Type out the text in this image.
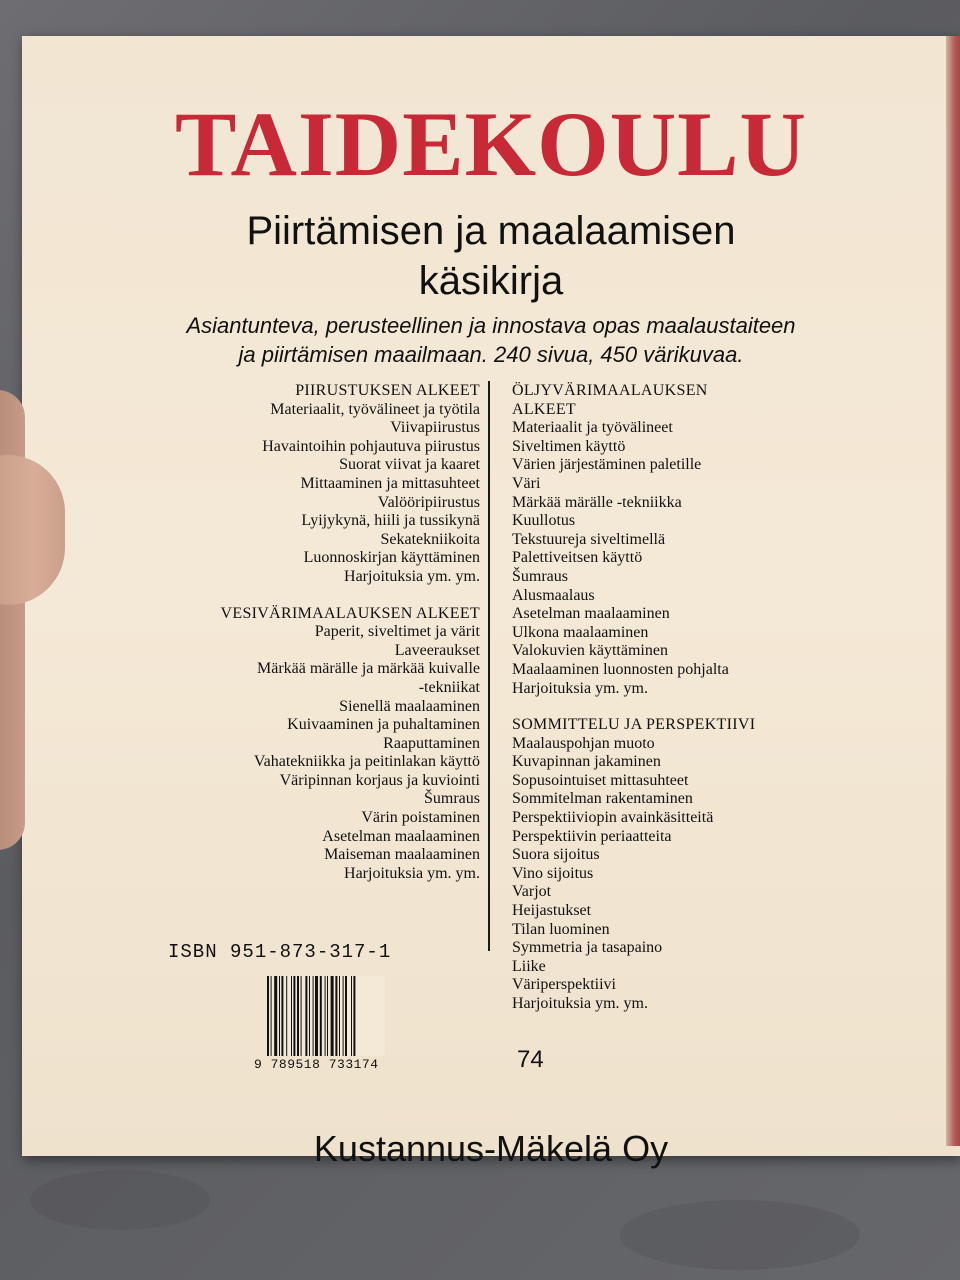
TAIDEKOULU
Piirtämisen ja maalaamisen
käsikirja
Asiantunteva, perusteellinen ja innostava opas maalaustaiteen
ja piirtämisen maailmaan. 240 sivua, 450 värikuvaa.
PIIRUSTUKSEN ALKEET
Materiaalit, työvälineet ja työtila
Viivapiirustus
Havaintoihin pohjautuva piirustus
Suorat viivat ja kaaret
Mittaaminen ja mittasuhteet
Valööripiirustus
Lyijykynä, hiili ja tussikynä
Sekatekniikoita
Luonnoskirjan käyttäminen
Harjoituksia ym. ym.
VESIVÄRIMAALAUKSEN ALKEET
Paperit, siveltimet ja värit
Laveeraukset
Märkää märälle ja märkää kuivalle
-tekniikat
Sienellä maalaaminen
Kuivaaminen ja puhaltaminen
Raaputtaminen
Vahatekniikka ja peitinlakan käyttö
Väripinnan korjaus ja kuviointi
Šumraus
Värin poistaminen
Asetelman maalaaminen
Maiseman maalaaminen
Harjoituksia ym. ym.
ÖLJYVÄRIMAALAUKSEN
ALKEET
Materiaalit ja työvälineet
Siveltimen käyttö
Värien järjestäminen paletille
Väri
Märkää märälle -tekniikka
Kuullotus
Tekstuureja siveltimellä
Palettiveitsen käyttö
Šumraus
Alusmaalaus
Asetelman maalaaminen
Ulkona maalaaminen
Valokuvien käyttäminen
Maalaaminen luonnosten pohjalta
Harjoituksia ym. ym.
SOMMITTELU JA PERSPEKTIIVI
Maalauspohjan muoto
Kuvapinnan jakaminen
Sopusointuiset mittasuhteet
Sommitelman rakentaminen
Perspektiiviopin avainkäsitteitä
Perspektiivin periaatteita
Suora sijoitus
Vino sijoitus
Varjot
Heijastukset
Tilan luominen
Symmetria ja tasapaino
Liike
Väriperspektiivi
Harjoituksia ym. ym.
ISBN 951-873-317-1
9 789518 733174	74
Kustannus-Mäkelä Oy
